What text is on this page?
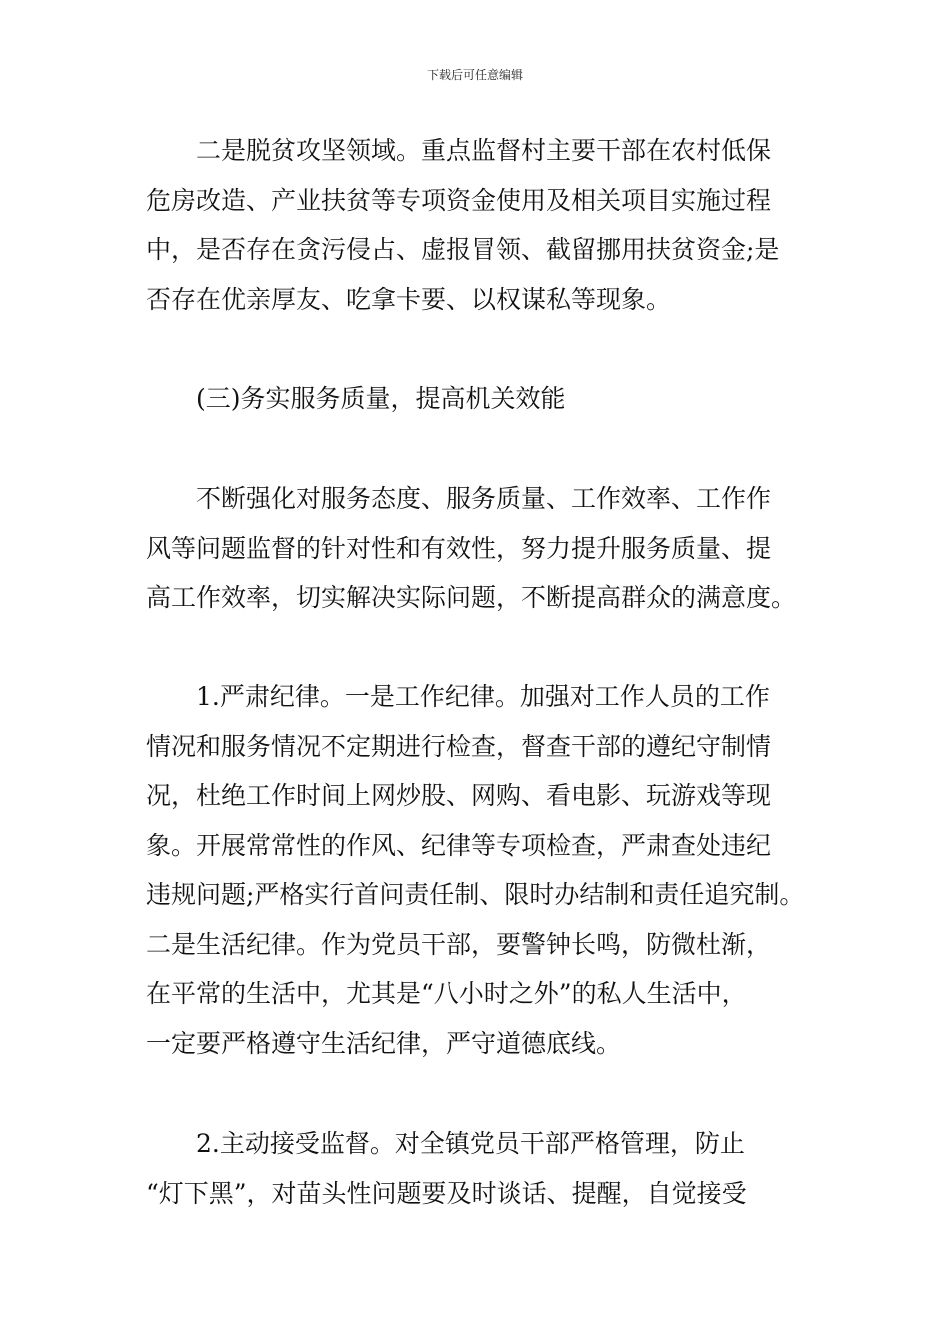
下载后可任意编辑

二是脱贫攻坚领域。重点监督村主要干部在农村低保
危房改造、产业扶贫等专项资金使用及相关项目实施过程
中，是否存在贪污侵占、虚报冒领、截留挪用扶贫资金;是
否存在优亲厚友、吃拿卡要、以权谋私等现象。

(三)务实服务质量，提高机关效能

不断强化对服务态度、服务质量、工作效率、工作作
风等问题监督的针对性和有效性，努力提升服务质量、提
高工作效率，切实解决实际问题，不断提高群众的满意度。

1.严肃纪律。一是工作纪律。加强对工作人员的工作
情况和服务情况不定期进行检查，督查干部的遵纪守制情
况，杜绝工作时间上网炒股、网购、看电影、玩游戏等现
象。开展常常性的作风、纪律等专项检查，严肃查处违纪
违规问题;严格实行首问责任制、限时办结制和责任追究制。
二是生活纪律。作为党员干部，要警钟长鸣，防微杜渐，
在平常的生活中，尤其是“八小时之外”的私人生活中，
一定要严格遵守生活纪律，严守道德底线。

2.主动接受监督。对全镇党员干部严格管理，防止
“灯下黑”，对苗头性问题要及时谈话、提醒，自觉接受
